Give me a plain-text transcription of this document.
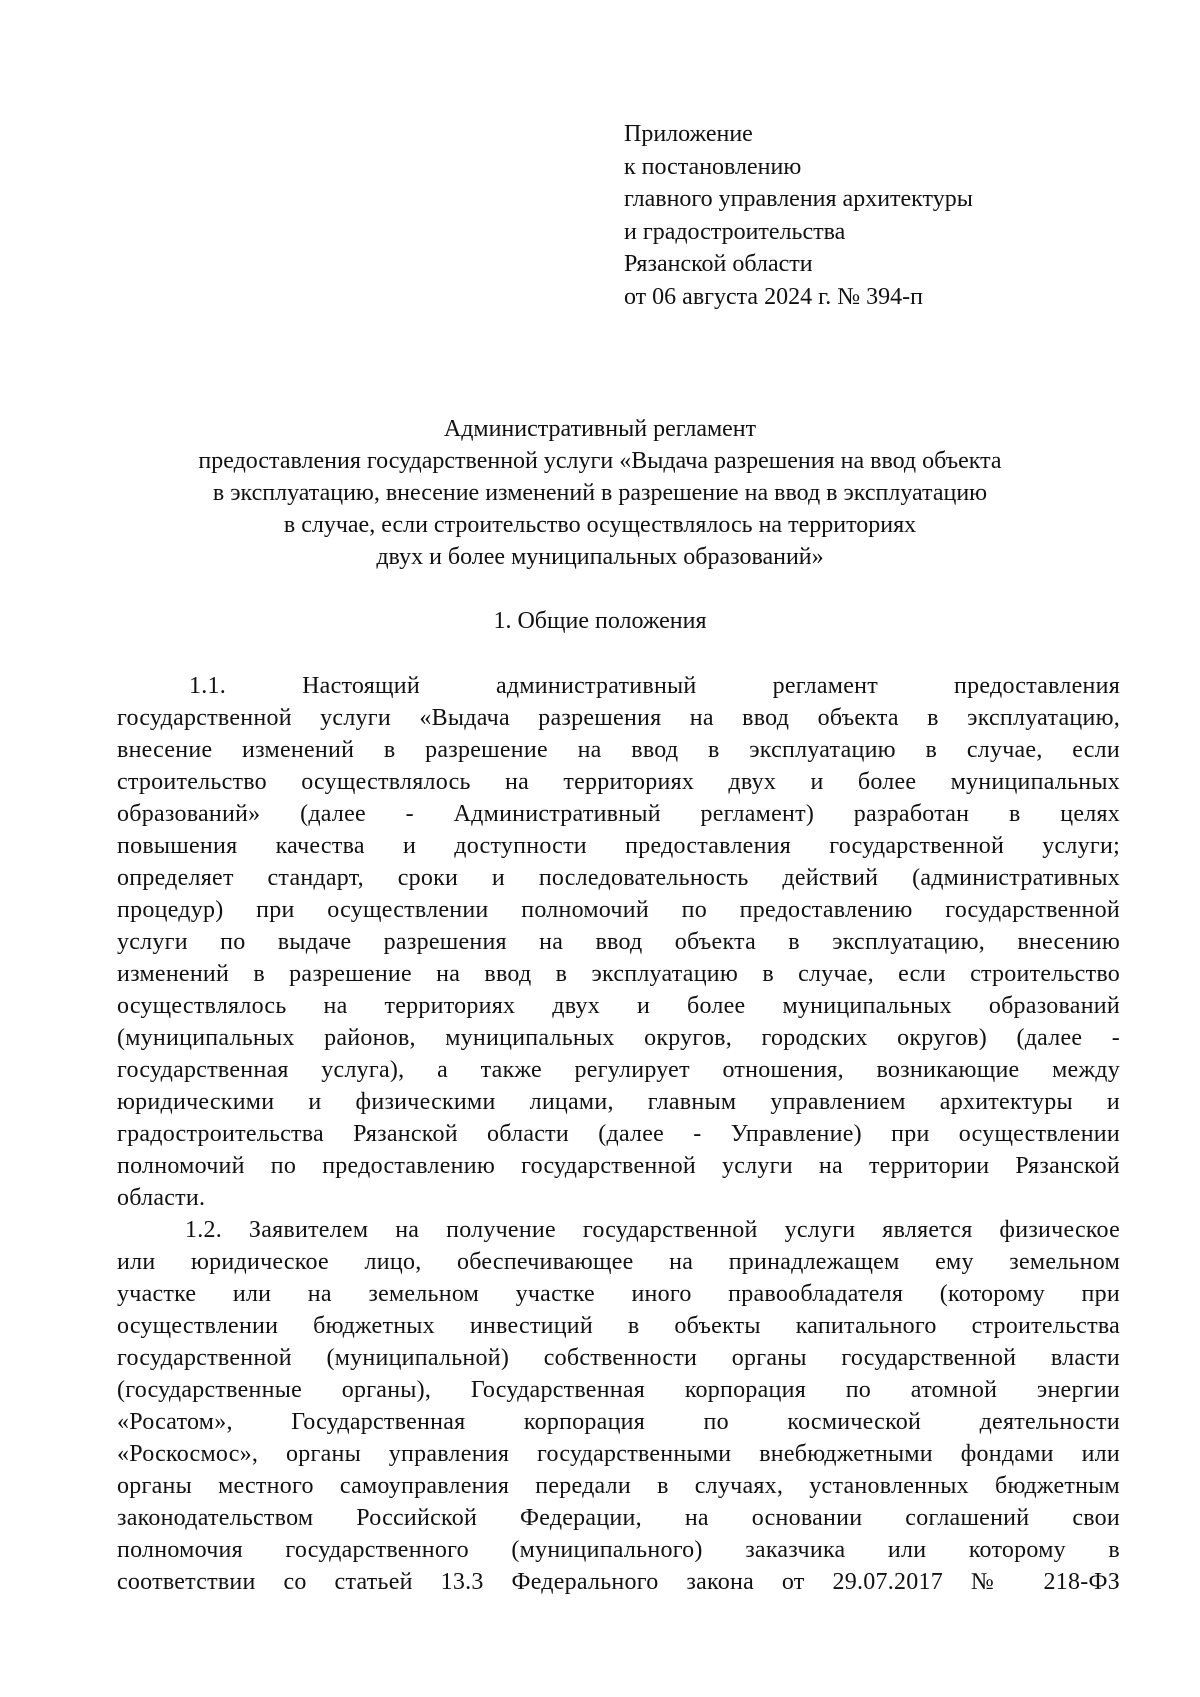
Приложение
к постановлению
главного управления архитектуры
и градостроительства
Рязанской области
от 06 августа 2024 г. № 394-п
Административный регламент
предоставления государственной услуги «Выдача разрешения на ввод объекта
в эксплуатацию, внесение изменений в разрешение на ввод в эксплуатацию
в случае, если строительство осуществлялось на территориях
двух и более муниципальных образований»
1. Общие положения
1.1. Настоящий административный регламент предоставления
государственной услуги «Выдача разрешения на ввод объекта в эксплуатацию,
внесение изменений в разрешение на ввод в эксплуатацию в случае, если
строительство осуществлялось на территориях двух и более муниципальных
образований» (далее - Административный регламент) разработан в целях
повышения качества и доступности предоставления государственной услуги;
определяет стандарт, сроки и последовательность действий (административных
процедур) при осуществлении полномочий по предоставлению государственной
услуги по выдаче разрешения на ввод объекта в эксплуатацию, внесению
изменений в разрешение на ввод в эксплуатацию в случае, если строительство
осуществлялось на территориях двух и более муниципальных образований
(муниципальных районов, муниципальных округов, городских округов) (далее -
государственная услуга), а также регулирует отношения, возникающие между
юридическими и физическими лицами, главным управлением архитектуры и
градостроительства Рязанской области (далее - Управление) при осуществлении
полномочий по предоставлению государственной услуги на территории Рязанской
области.
1.2. Заявителем на получение государственной услуги является физическое
или юридическое лицо, обеспечивающее на принадлежащем ему земельном
участке или на земельном участке иного правообладателя (которому при
осуществлении бюджетных инвестиций в объекты капитального строительства
государственной (муниципальной) собственности органы государственной власти
(государственные органы), Государственная корпорация по атомной энергии
«Росатом», Государственная корпорация по космической деятельности
«Роскосмос», органы управления государственными внебюджетными фондами или
органы местного самоуправления передали в случаях, установленных бюджетным
законодательством Российской Федерации, на основании соглашений свои
полномочия государственного (муниципального) заказчика или которому в
соответствии со статьей 13.3 Федерального закона от 29.07.2017 № 218-ФЗ
